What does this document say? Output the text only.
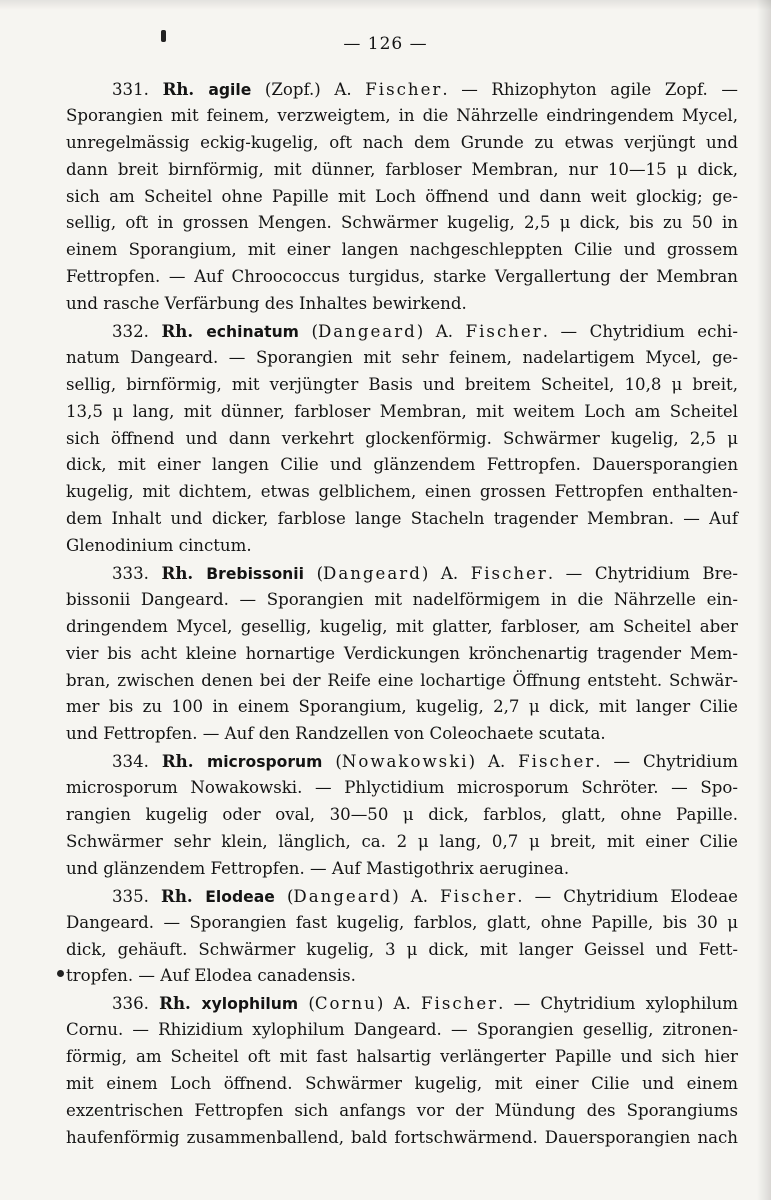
— 126 —
331. Rh. agile (Zopf.) A. Fischer. — Rhizophyton agile Zopf. —
Sporangien mit feinem, verzweigtem, in die Nährzelle eindringendem Mycel,
unregelmässig eckig-kugelig, oft nach dem Grunde zu etwas verjüngt und
dann breit birnförmig, mit dünner, farbloser Membran, nur 10—15 μ dick,
sich am Scheitel ohne Papille mit Loch öffnend und dann weit glockig; ge-
sellig, oft in grossen Mengen. Schwärmer kugelig, 2,5 μ dick, bis zu 50 in
einem Sporangium, mit einer langen nachgeschleppten Cilie und grossem
Fettropfen. — Auf Chroococcus turgidus, starke Vergallertung der Membran
und rasche Verfärbung des Inhaltes bewirkend.
332. Rh. echinatum (Dangeard) A. Fischer. — Chytridium echi-
natum Dangeard. — Sporangien mit sehr feinem, nadelartigem Mycel, ge-
sellig, birnförmig, mit verjüngter Basis und breitem Scheitel, 10,8 μ breit,
13,5 μ lang, mit dünner, farbloser Membran, mit weitem Loch am Scheitel
sich öffnend und dann verkehrt glockenförmig. Schwärmer kugelig, 2,5 μ
dick, mit einer langen Cilie und glänzendem Fettropfen. Dauersporangien
kugelig, mit dichtem, etwas gelblichem, einen grossen Fettropfen enthalten-
dem Inhalt und dicker, farblose lange Stacheln tragender Membran. — Auf
Glenodinium cinctum.
333. Rh. Brebissonii (Dangeard) A. Fischer. — Chytridium Bre-
bissonii Dangeard. — Sporangien mit nadelförmigem in die Nährzelle ein-
dringendem Mycel, gesellig, kugelig, mit glatter, farbloser, am Scheitel aber
vier bis acht kleine hornartige Verdickungen krönchenartig tragender Mem-
bran, zwischen denen bei der Reife eine lochartige Öffnung entsteht. Schwär-
mer bis zu 100 in einem Sporangium, kugelig, 2,7 μ dick, mit langer Cilie
und Fettropfen. — Auf den Randzellen von Coleochaete scutata.
334. Rh. microsporum (Nowakowski) A. Fischer. — Chytridium
microsporum Nowakowski. — Phlyctidium microsporum Schröter. — Spo-
rangien kugelig oder oval, 30—50 μ dick, farblos, glatt, ohne Papille.
Schwärmer sehr klein, länglich, ca. 2 μ lang, 0,7 μ breit, mit einer Cilie
und glänzendem Fettropfen. — Auf Mastigothrix aeruginea.
335. Rh. Elodeae (Dangeard) A. Fischer. — Chytridium Elodeae
Dangeard. — Sporangien fast kugelig, farblos, glatt, ohne Papille, bis 30 μ
dick, gehäuft. Schwärmer kugelig, 3 μ dick, mit langer Geissel und Fett-
tropfen. — Auf Elodea canadensis.
336. Rh. xylophilum (Cornu) A. Fischer. — Chytridium xylophilum
Cornu. — Rhizidium xylophilum Dangeard. — Sporangien gesellig, zitronen-
förmig, am Scheitel oft mit fast halsartig verlängerter Papille und sich hier
mit einem Loch öffnend. Schwärmer kugelig, mit einer Cilie und einem
exzentrischen Fettropfen sich anfangs vor der Mündung des Sporangiums
haufenförmig zusammenballend, bald fortschwärmend. Dauersporangien nach
